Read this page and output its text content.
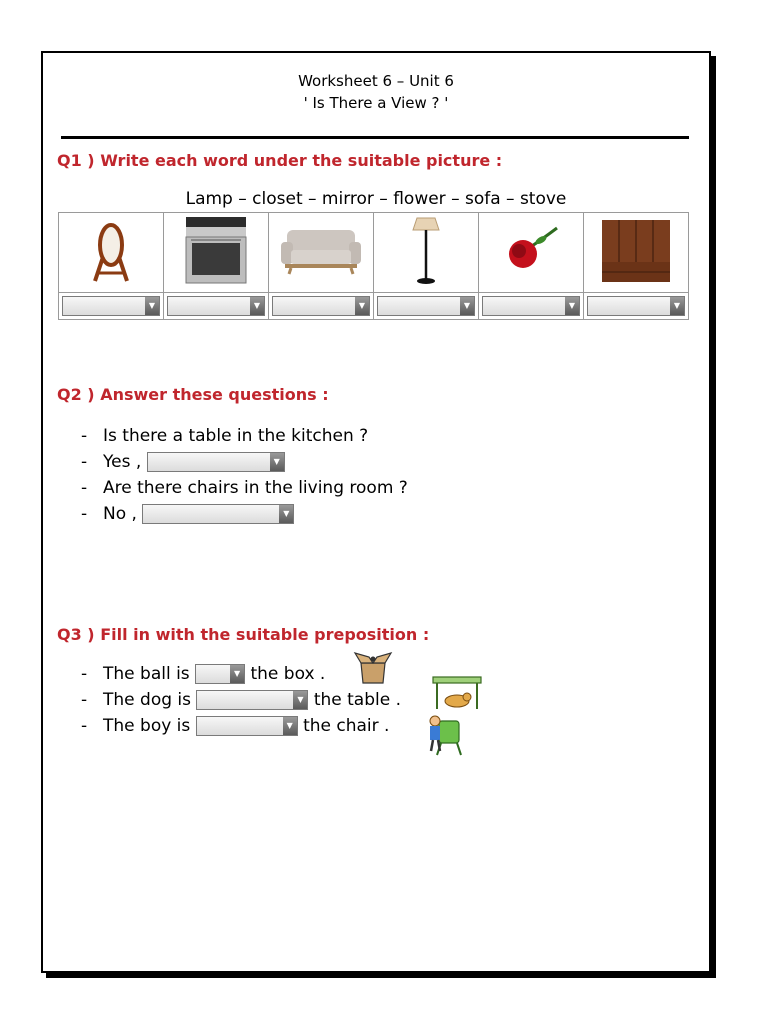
Worksheet 6 – Unit 6
' Is There a View ? '
Q1 ) Write each word under the suitable picture :
Lamp – closet – mirror – flower – sofa – stove

▼	▼	▼	▼	▼	▼
Q2 ) Answer these questions :
- Is there a table in the kitchen ?
- Yes ,	▼
- Are there chairs in the living room ?
- No ,	▼
Q3 ) Fill in with the suitable preposition :
- The ball is	▼ the box .
- The dog is	▼ the table .
- The boy is	▼ the chair .
